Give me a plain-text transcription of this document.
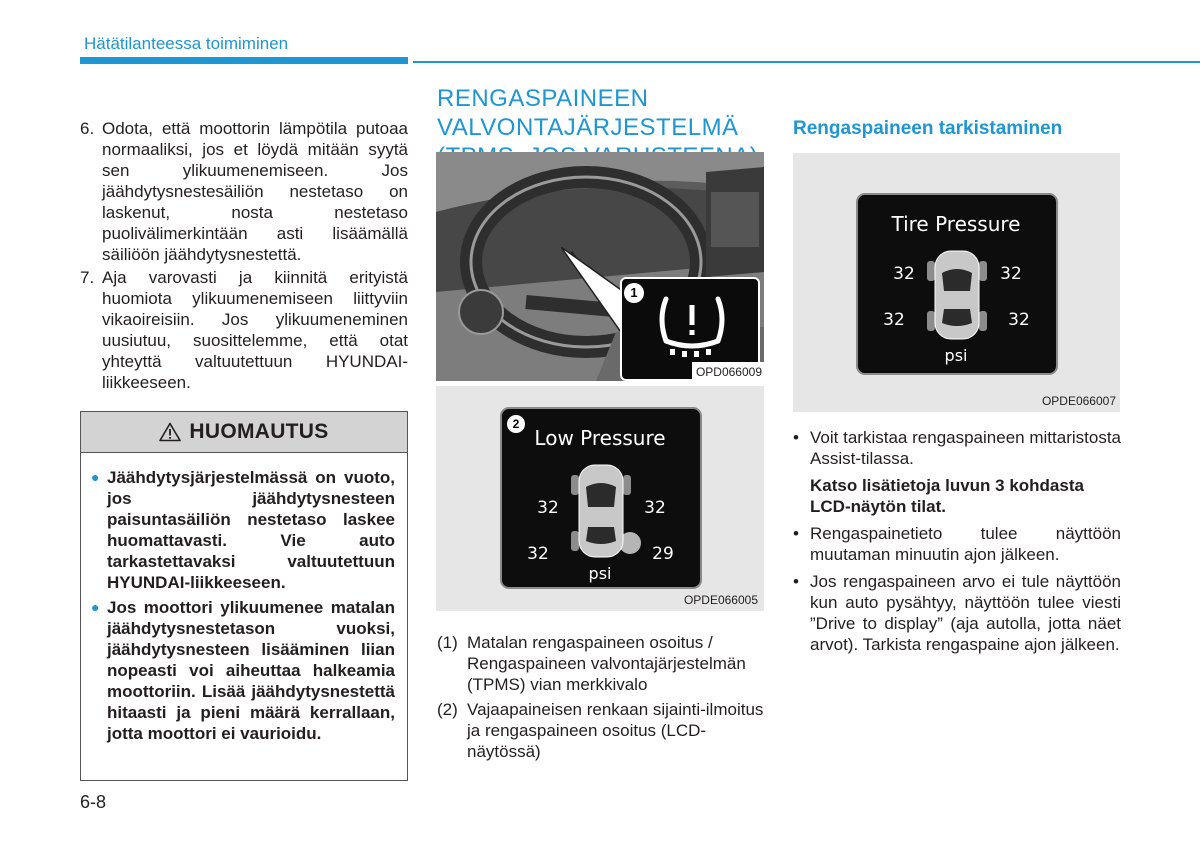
Hätätilanteessa toimiminen
6. Odota, että moottorin lämpötila putoaa normaaliksi, jos et löydä mitään syytä sen ylikuumenemiseen. Jos jäähdytysnestesäiliön nestetaso on laskenut, nosta nestetaso puolivälimerkintään asti lisäämällä säiliöön jäähdytysnestettä.
7. Aja varovasti ja kiinnitä erityistä huomiota ylikuumenemiseen liittyviin vikaoireisiin. Jos ylikuumeneminen uusiutuu, suosittelemme, että otat yhteyttä valtuutettuun HYUNDAI-liikkeeseen.
HUOMAUTUS
● Jäähdytysjärjestelmässä on vuoto, jos jäähdytysnesteen paisuntasäiliön nestetaso laskee huomattavasti. Vie auto tarkastettavaksi valtuutettuun HYUNDAI-liikkeeseen.
● Jos moottori ylikuumenee matalan jäähdytysnestetason vuoksi, jäähdytysnesteen lisääminen liian nopeasti voi aiheuttaa halkeamia moottoriin. Lisää jäähdytysnestettä hitaasti ja pieni määrä kerrallaan, jotta moottori ei vaurioidu.
6-8
RENGASPAINEEN VALVONTAJÄRJESTELMÄ
1
OPD066009
Low Pressure
32	32
32	29
psi
2
OPDE066005
(1) Matalan rengaspaineen osoitus / Rengaspaineen valvontajärjestelmän (TPMS) vian merkkivalo
(2) Vajaapaineisen renkaan sijainti-ilmoitus ja rengaspaineen osoitus (LCD-näytössä)
Rengaspaineen tarkistaminen
Tire Pressure
32	32
32	32
psi
OPDE066007
• Voit tarkistaa rengaspaineen mittaristosta Assist-tilassa.
Katso lisätietoja luvun 3 kohdasta LCD-näytön tilat.
• Rengaspainetieto tulee näyttöön muutaman minuutin ajon jälkeen.
• Jos rengaspaineen arvo ei tule näyttöön kun auto pysähtyy, näyttöön tulee viesti ”Drive to display” (aja autolla, jotta näet arvot). Tarkista rengaspaine ajon jälkeen.
